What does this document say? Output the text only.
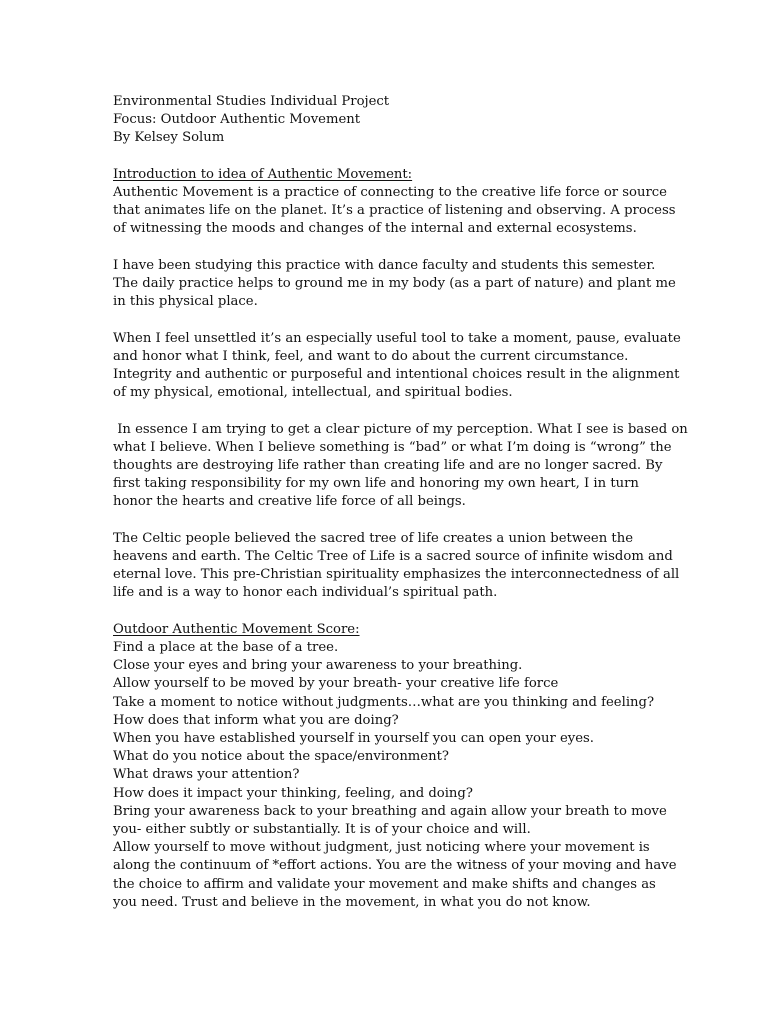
Environmental Studies Individual Project
Focus: Outdoor Authentic Movement
By Kelsey Solum
Introduction to idea of Authentic Movement:
Authentic Movement is a practice of connecting to the creative life force or source
that animates life on the planet. It’s a practice of listening and observing. A process
of witnessing the moods and changes of the internal and external ecosystems.
I have been studying this practice with dance faculty and students this semester.
The daily practice helps to ground me in my body (as a part of nature) and plant me
in this physical place.
When I feel unsettled it’s an especially useful tool to take a moment, pause, evaluate
and honor what I think, feel, and want to do about the current circumstance.
Integrity and authentic or purposeful and intentional choices result in the alignment
of my physical, emotional, intellectual, and spiritual bodies.
In essence I am trying to get a clear picture of my perception. What I see is based on
what I believe. When I believe something is “bad” or what I’m doing is “wrong” the
thoughts are destroying life rather than creating life and are no longer sacred. By
first taking responsibility for my own life and honoring my own heart, I in turn
honor the hearts and creative life force of all beings.
The Celtic people believed the sacred tree of life creates a union between the
heavens and earth. The Celtic Tree of Life is a sacred source of infinite wisdom and
eternal love. This pre-Christian spirituality emphasizes the interconnectedness of all
life and is a way to honor each individual’s spiritual path.
Outdoor Authentic Movement Score:
Find a place at the base of a tree.
Close your eyes and bring your awareness to your breathing.
Allow yourself to be moved by your breath- your creative life force
Take a moment to notice without judgments…what are you thinking and feeling?
How does that inform what you are doing?
When you have established yourself in yourself you can open your eyes.
What do you notice about the space/environment?
What draws your attention?
How does it impact your thinking, feeling, and doing?
Bring your awareness back to your breathing and again allow your breath to move
you- either subtly or substantially. It is of your choice and will.
Allow yourself to move without judgment, just noticing where your movement is
along the continuum of *effort actions. You are the witness of your moving and have
the choice to affirm and validate your movement and make shifts and changes as
you need. Trust and believe in the movement, in what you do not know.
